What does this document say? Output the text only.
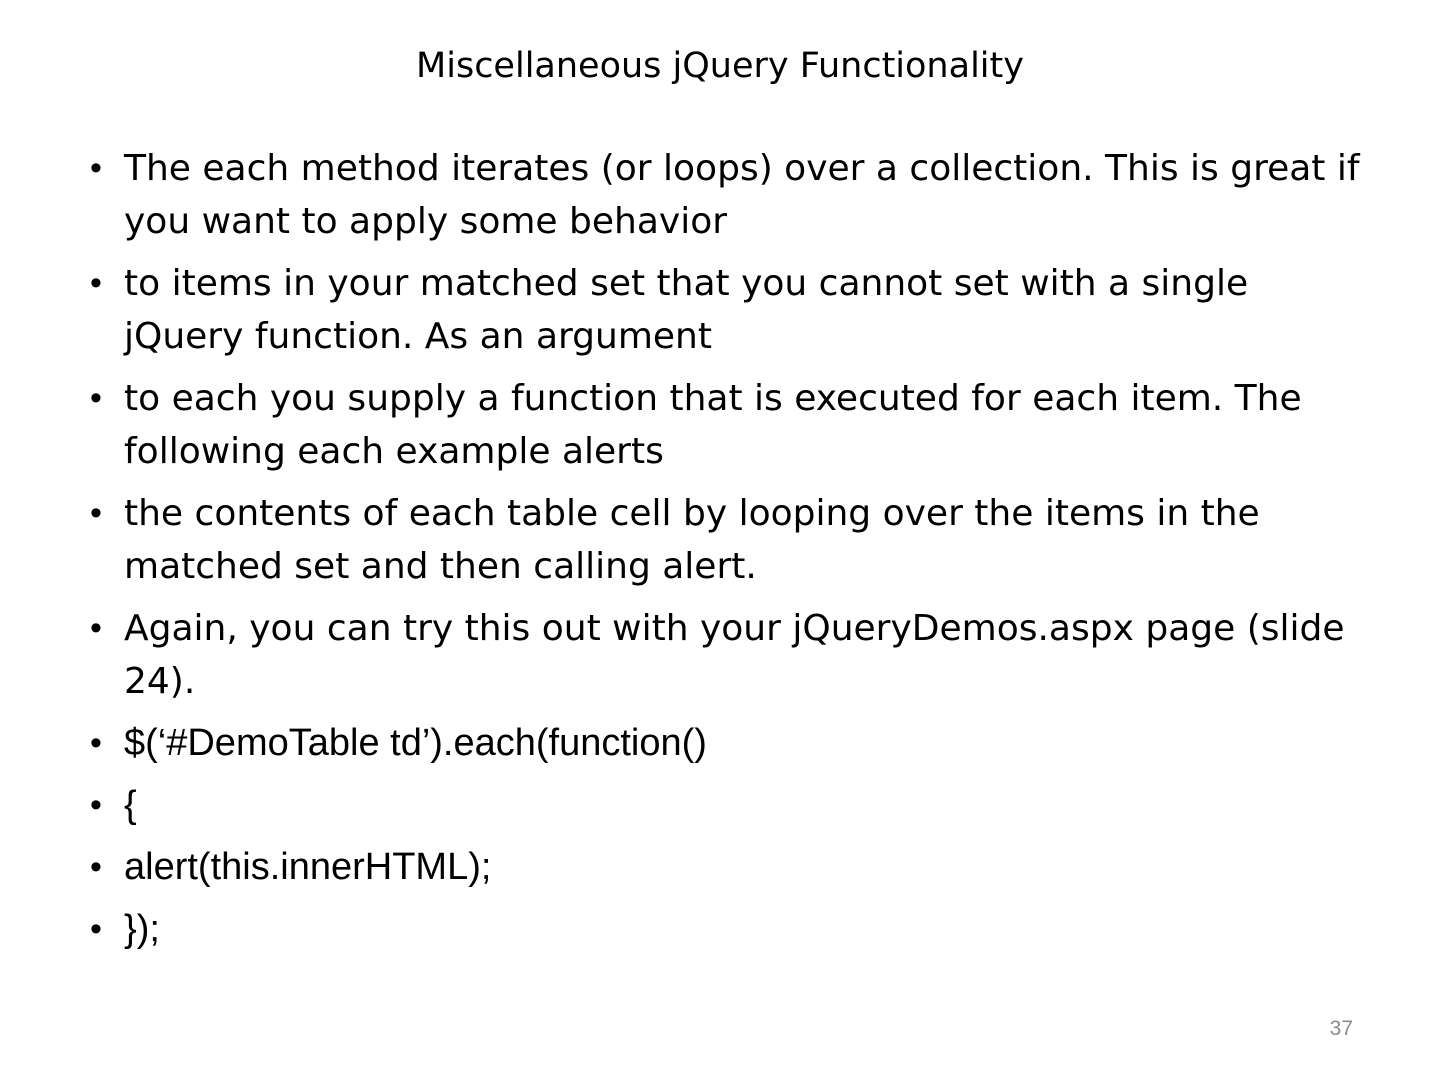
Miscellaneous jQuery Functionality
• The each method iterates (or loops) over a collection. This is great if you want to apply some behavior
• to items in your matched set that you cannot set with a single jQuery function. As an argument
• to each you supply a function that is executed for each item. The following each example alerts
• the contents of each table cell by looping over the items in the matched set and then calling alert.
• Again, you can try this out with your jQueryDemos.aspx page (slide 24).
• $(‘#DemoTable td’).each(function()
• {
• alert(this.innerHTML);
• });
37
